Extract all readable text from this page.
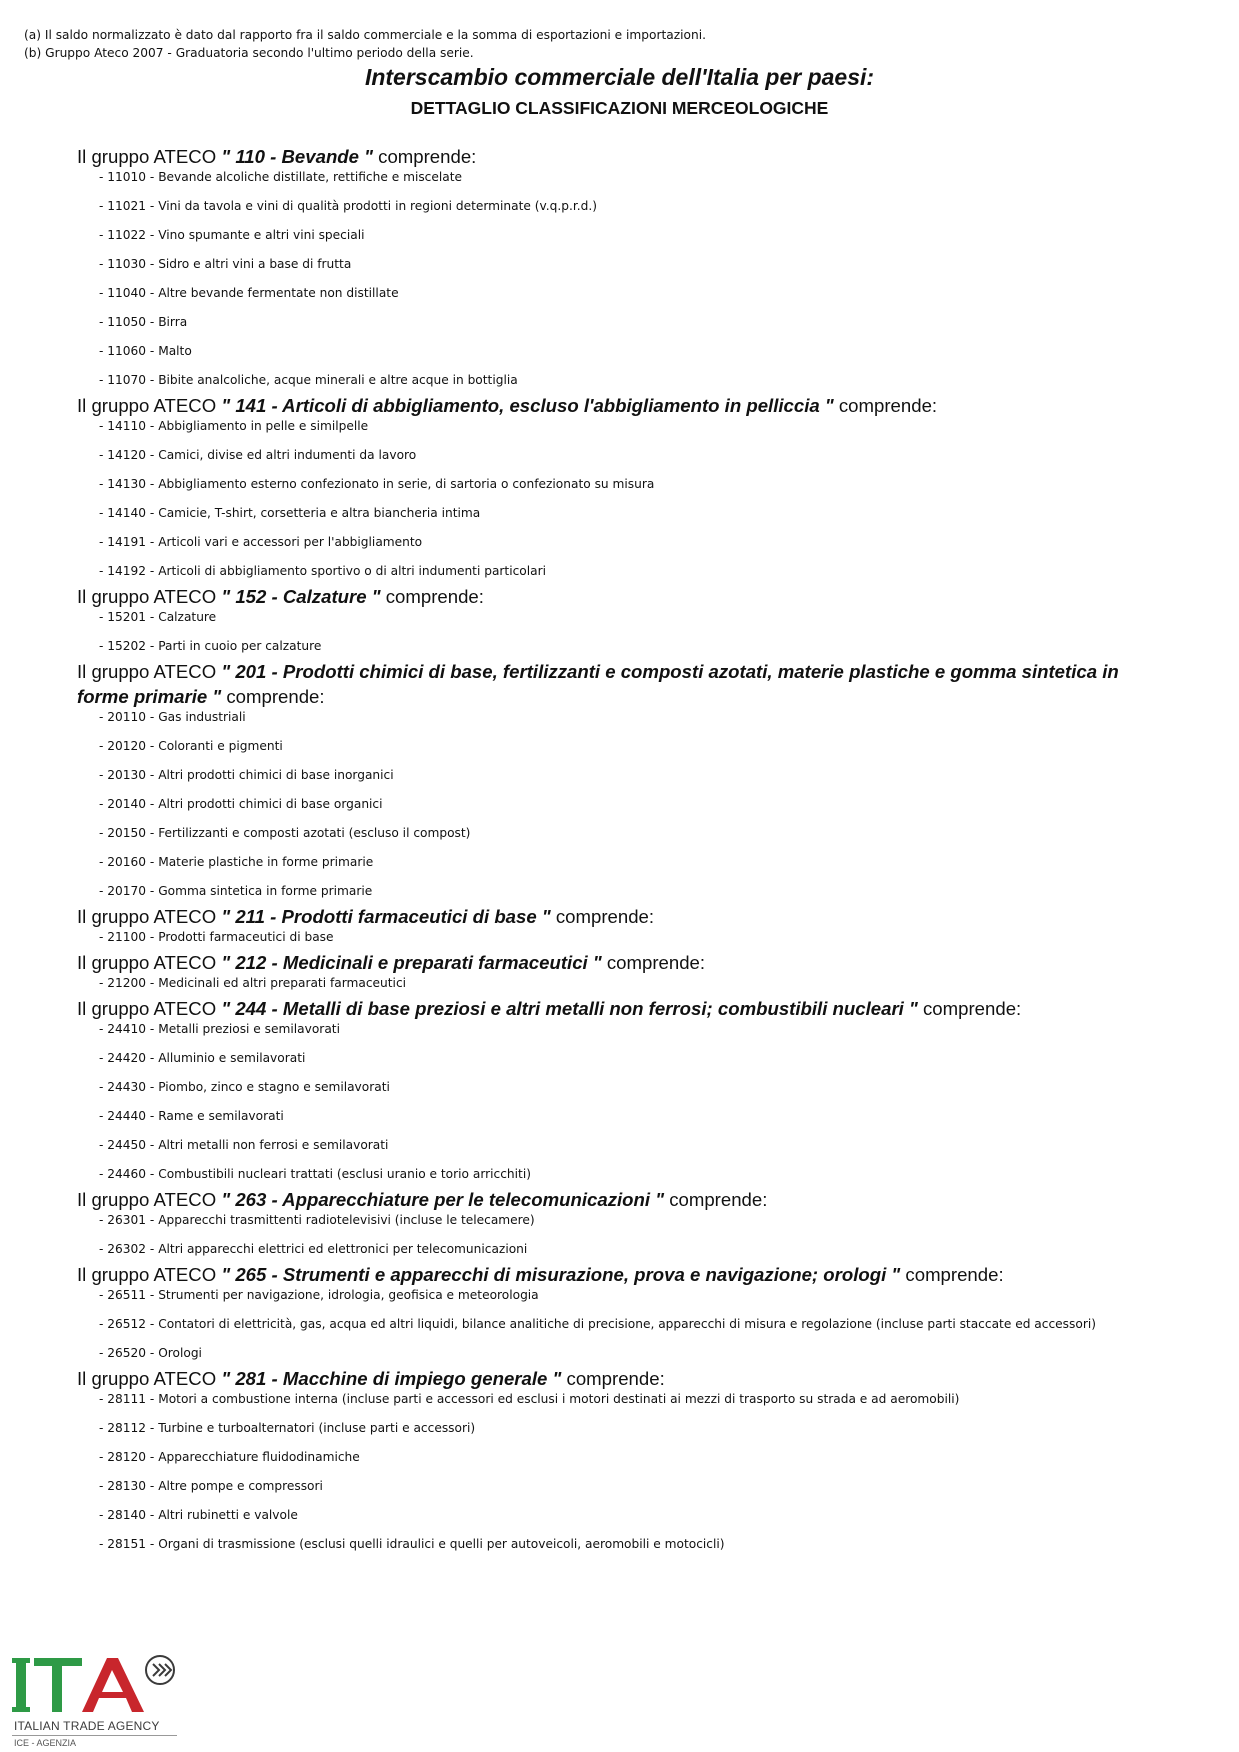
(a) Il saldo normalizzato è dato dal rapporto fra il saldo commerciale e la somma di esportazioni e importazioni.
(b) Gruppo Ateco 2007 - Graduatoria secondo l'ultimo periodo della serie.
Interscambio commerciale dell'Italia per paesi:
DETTAGLIO CLASSIFICAZIONI MERCEOLOGICHE
Il gruppo ATECO " 110 - Bevande " comprende:
- 11010 - Bevande alcoliche distillate, rettifiche e miscelate
- 11021 - Vini da tavola e vini di qualità prodotti in regioni determinate (v.q.p.r.d.)
- 11022 - Vino spumante e altri vini speciali
- 11030 - Sidro e altri vini a base di frutta
- 11040 - Altre bevande fermentate non distillate
- 11050 - Birra
- 11060 - Malto
- 11070 - Bibite analcoliche, acque minerali e altre acque in bottiglia
Il gruppo ATECO " 141 - Articoli di abbigliamento, escluso l'abbigliamento in pelliccia " comprende:
- 14110 - Abbigliamento in pelle e similpelle
- 14120 - Camici, divise ed altri indumenti da lavoro
- 14130 - Abbigliamento esterno confezionato in serie, di sartoria o confezionato su misura
- 14140 - Camicie, T-shirt, corsetteria e altra biancheria intima
- 14191 - Articoli vari e accessori per l'abbigliamento
- 14192 - Articoli di abbigliamento sportivo o di altri indumenti particolari
Il gruppo ATECO " 152 - Calzature " comprende:
- 15201 - Calzature
- 15202 - Parti in cuoio per calzature
Il gruppo ATECO " 201 - Prodotti chimici di base, fertilizzanti e composti azotati, materie plastiche e gomma sintetica in forme primarie " comprende:
- 20110 - Gas industriali
- 20120 - Coloranti e pigmenti
- 20130 - Altri prodotti chimici di base inorganici
- 20140 - Altri prodotti chimici di base organici
- 20150 - Fertilizzanti e composti azotati (escluso il compost)
- 20160 - Materie plastiche in forme primarie
- 20170 - Gomma sintetica in forme primarie
Il gruppo ATECO " 211 - Prodotti farmaceutici di base " comprende:
- 21100 - Prodotti farmaceutici di base
Il gruppo ATECO " 212 - Medicinali e preparati farmaceutici " comprende:
- 21200 - Medicinali ed altri preparati farmaceutici
Il gruppo ATECO " 244 - Metalli di base preziosi e altri metalli non ferrosi; combustibili nucleari " comprende:
- 24410 - Metalli preziosi e semilavorati
- 24420 - Alluminio e semilavorati
- 24430 - Piombo, zinco e stagno e semilavorati
- 24440 - Rame e semilavorati
- 24450 - Altri metalli non ferrosi e semilavorati
- 24460 - Combustibili nucleari trattati (esclusi uranio e torio arricchiti)
Il gruppo ATECO " 263 - Apparecchiature per le telecomunicazioni " comprende:
- 26301 - Apparecchi trasmittenti radiotelevisivi (incluse le telecamere)
- 26302 - Altri apparecchi elettrici ed elettronici per telecomunicazioni
Il gruppo ATECO " 265 - Strumenti e apparecchi di misurazione, prova e navigazione; orologi " comprende:
- 26511 - Strumenti per navigazione, idrologia, geofisica e meteorologia
- 26512 - Contatori di elettricità, gas, acqua ed altri liquidi, bilance analitiche di precisione, apparecchi di misura e regolazione (incluse parti staccate ed accessori)
- 26520 - Orologi
Il gruppo ATECO " 281 - Macchine di impiego generale " comprende:
- 28111 - Motori a combustione interna (incluse parti e accessori ed esclusi i motori destinati ai mezzi di trasporto su strada e ad aeromobili)
- 28112 - Turbine e turboalternatori (incluse parti e accessori)
- 28120 - Apparecchiature fluidodinamiche
- 28130 - Altre pompe e compressori
- 28140 - Altri rubinetti e valvole
- 28151 - Organi di trasmissione (esclusi quelli idraulici e quelli per autoveicoli, aeromobili e motocicli)
ITALIAN TRADE AGENCY
ICE - AGENZIA
